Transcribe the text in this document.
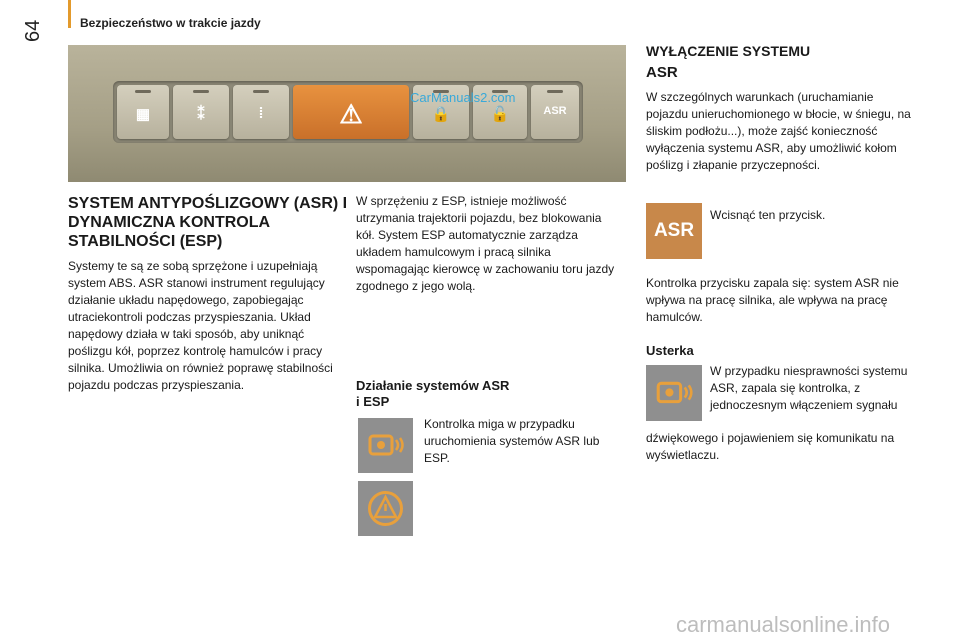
64	Bezpieczeństwo w trakcie jazdy
▦	⁑	⁞	⚠	🔒	🔓	ASR
CarManuals2.com
SYSTEM ANTYPOŚLIZGOWY (ASR) I DYNAMICZNA KONTROLA STABILNOŚCI (ESP)
Systemy te są ze sobą sprzężone i uzupełniają system ABS. ASR stanowi instrument regulujący działanie układu napędowego, zapobiegając utraciekontroli podczas przyspieszania. Układ napędowy działa w taki sposób, aby uniknąć poślizgu kół, poprzez kontrolę hamulców i pracy silnika. Umożliwia on również poprawę stabilności pojazdu podczas przyspieszania.
W sprzężeniu z ESP, istnieje możliwość utrzymania trajektorii pojazdu, bez blokowania kół. System ESP automatycznie zarządza układem hamulcowym i pracą silnika wspomagając kierowcę w zachowaniu toru jazdy zgodnego z jego wolą.
Działanie systemów ASR i ESP
Kontrolka miga w przypadku uruchomienia systemów ASR lub ESP.
WYŁĄCZENIE SYSTEMU
ASR
W szczególnych warunkach (uruchamianie pojazdu unieruchomionego w błocie, w śniegu, na śliskim podłożu...), może zajść konieczność wyłączenia systemu ASR, aby umożliwić kołom poślizg i złapanie przyczepności.
ASR
Wcisnąć ten przycisk.
Kontrolka przycisku zapala się: system ASR nie wpływa na pracę silnika, ale wpływa na pracę hamulców.
Usterka
W przypadku niesprawności systemu ASR, zapala się kontrolka, z jednoczesnym włączeniem sygnału
dźwiękowego i pojawieniem się komunikatu na wyświetlaczu.
carmanualsonline.info
